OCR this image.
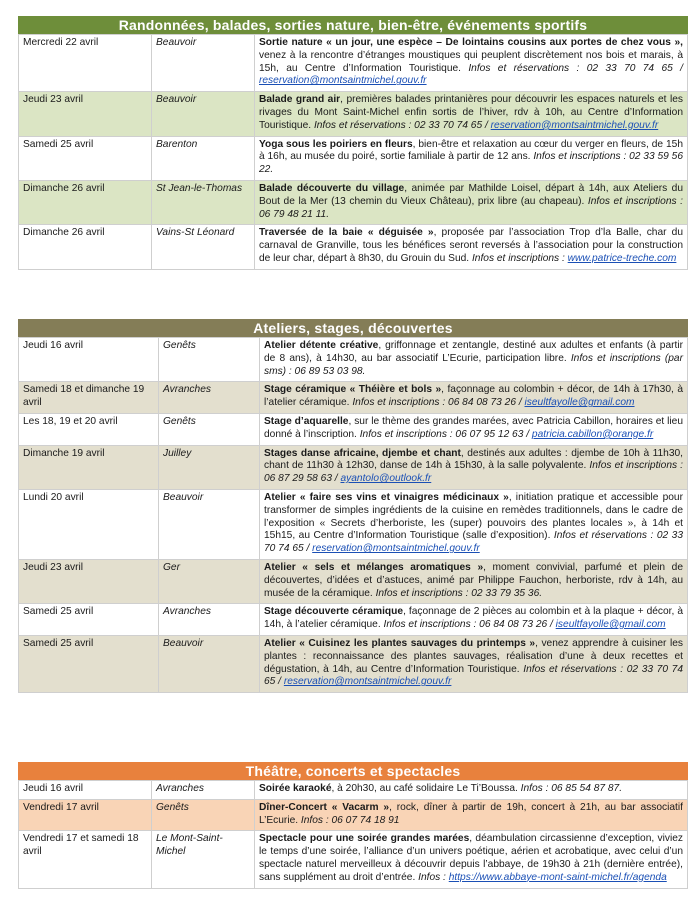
Randonnées, balades, sorties nature, bien-être, événements sportifs
Mercredi 22 avril	Beauvoir	Sortie nature « un jour, une espèce – De lointains cousins aux portes de chez vous », venez à la rencontre d’étranges moustiques qui peuplent discrètement nos bois et marais, à 15h, au Centre d’Information Touristique. Infos et réservations : 02 33 70 74 65 / reservation@montsaintmichel.gouv.fr
Jeudi 23 avril	Beauvoir	Balade grand air, premières balades printanières pour découvrir les espaces naturels et les rivages du Mont Saint-Michel enfin sortis de l’hiver, rdv à 10h, au Centre d’Information Touristique. Infos et réservations : 02 33 70 74 65 / reservation@montsaintmichel.gouv.fr
Samedi 25 avril	Barenton	Yoga sous les poiriers en fleurs, bien-être et relaxation au cœur du verger en fleurs, de 15h à 16h, au musée du poiré, sortie familiale à partir de 12 ans. Infos et inscriptions : 02 33 59 56 22.
Dimanche 26 avril	St Jean-le-Thomas	Balade découverte du village, animée par Mathilde Loisel, départ à 14h, aux Ateliers du Bout de la Mer (13 chemin du Vieux Château), prix libre (au chapeau). Infos et inscriptions : 06 79 48 21 11.
Dimanche 26 avril	Vains-St Léonard	Traversée de la baie « déguisée », proposée par l’association Trop d’la Balle, char du carnaval de Granville, tous les bénéfices seront reversés à l’association pour la construction de leur char, départ à 8h30, du Grouin du Sud. Infos et inscriptions : www.patrice-treche.com
Ateliers, stages, découvertes
Jeudi 16 avril	Genêts	Atelier détente créative, griffonnage et zentangle, destiné aux adultes et enfants (à partir de 8 ans), à 14h30, au bar associatif L’Ecurie, participation libre. Infos et inscriptions (par sms) : 06 89 53 03 98.
Samedi 18 et dimanche 19 avril	Avranches	Stage céramique « Théière et bols », façonnage au colombin + décor, de 14h à 17h30, à l’atelier céramique. Infos et inscriptions : 06 84 08 73 26 / iseultfayolle@gmail.com
Les 18, 19 et 20 avril	Genêts	Stage d’aquarelle, sur le thème des grandes marées, avec Patricia Cabillon, horaires et lieu donné à l’inscription. Infos et inscriptions : 06 07 95 12 63 / patricia.cabillon@orange.fr
Dimanche 19 avril	Juilley	Stages danse africaine, djembe et chant, destinés aux adultes : djembe de 10h à 11h30, chant de 11h30 à 12h30, danse de 14h à 15h30, à la salle polyvalente. Infos et inscriptions : 06 87 29 58 63 / ayantolo@outlook.fr
Lundi 20 avril	Beauvoir	Atelier « faire ses vins et vinaigres médicinaux », initiation pratique et accessible pour transformer de simples ingrédients de la cuisine en remèdes traditionnels, dans le cadre de l’exposition « Secrets d’herboriste, les (super) pouvoirs des plantes locales », à 14h et 15h15, au Centre d’Information Touristique (salle d’exposition). Infos et réservations : 02 33 70 74 65 / reservation@montsaintmichel.gouv.fr
Jeudi 23 avril	Ger	Atelier « sels et mélanges aromatiques », moment convivial, parfumé et plein de découvertes, d’idées et d’astuces, animé par Philippe Fauchon, herboriste, rdv à 14h, au musée de la céramique. Infos et inscriptions : 02 33 79 35 36.
Samedi 25 avril	Avranches	Stage découverte céramique, façonnage de 2 pièces au colombin et à la plaque + décor, à 14h, à l’atelier céramique. Infos et inscriptions : 06 84 08 73 26 / iseultfayolle@gmail.com
Samedi 25 avril	Beauvoir	Atelier « Cuisinez les plantes sauvages du printemps », venez apprendre à cuisiner les plantes : reconnaissance des plantes sauvages, réalisation d’une à deux recettes et dégustation, à 14h, au Centre d’Information Touristique. Infos et réservations : 02 33 70 74 65 / reservation@montsaintmichel.gouv.fr
Théâtre, concerts et spectacles
Jeudi 16 avril	Avranches	Soirée karaoké, à 20h30, au café solidaire Le Ti’Boussa. Infos : 06 85 54 87 87.
Vendredi 17 avril	Genêts	Dîner-Concert « Vacarm », rock, dîner à partir de 19h, concert à 21h, au bar associatif L’Ecurie. Infos : 06 07 74 18 91
Vendredi 17 et samedi 18 avril	Le Mont-Saint-Michel	Spectacle pour une soirée grandes marées, déambulation circassienne d’exception, viviez le temps d’une soirée, l’alliance d’un univers poétique, aérien et acrobatique, avec celui d’un spectacle naturel merveilleux à découvrir depuis l’abbaye, de 19h30 à 21h (dernière entrée), sans supplément au droit d’entrée. Infos : https://www.abbaye-mont-saint-michel.fr/agenda
